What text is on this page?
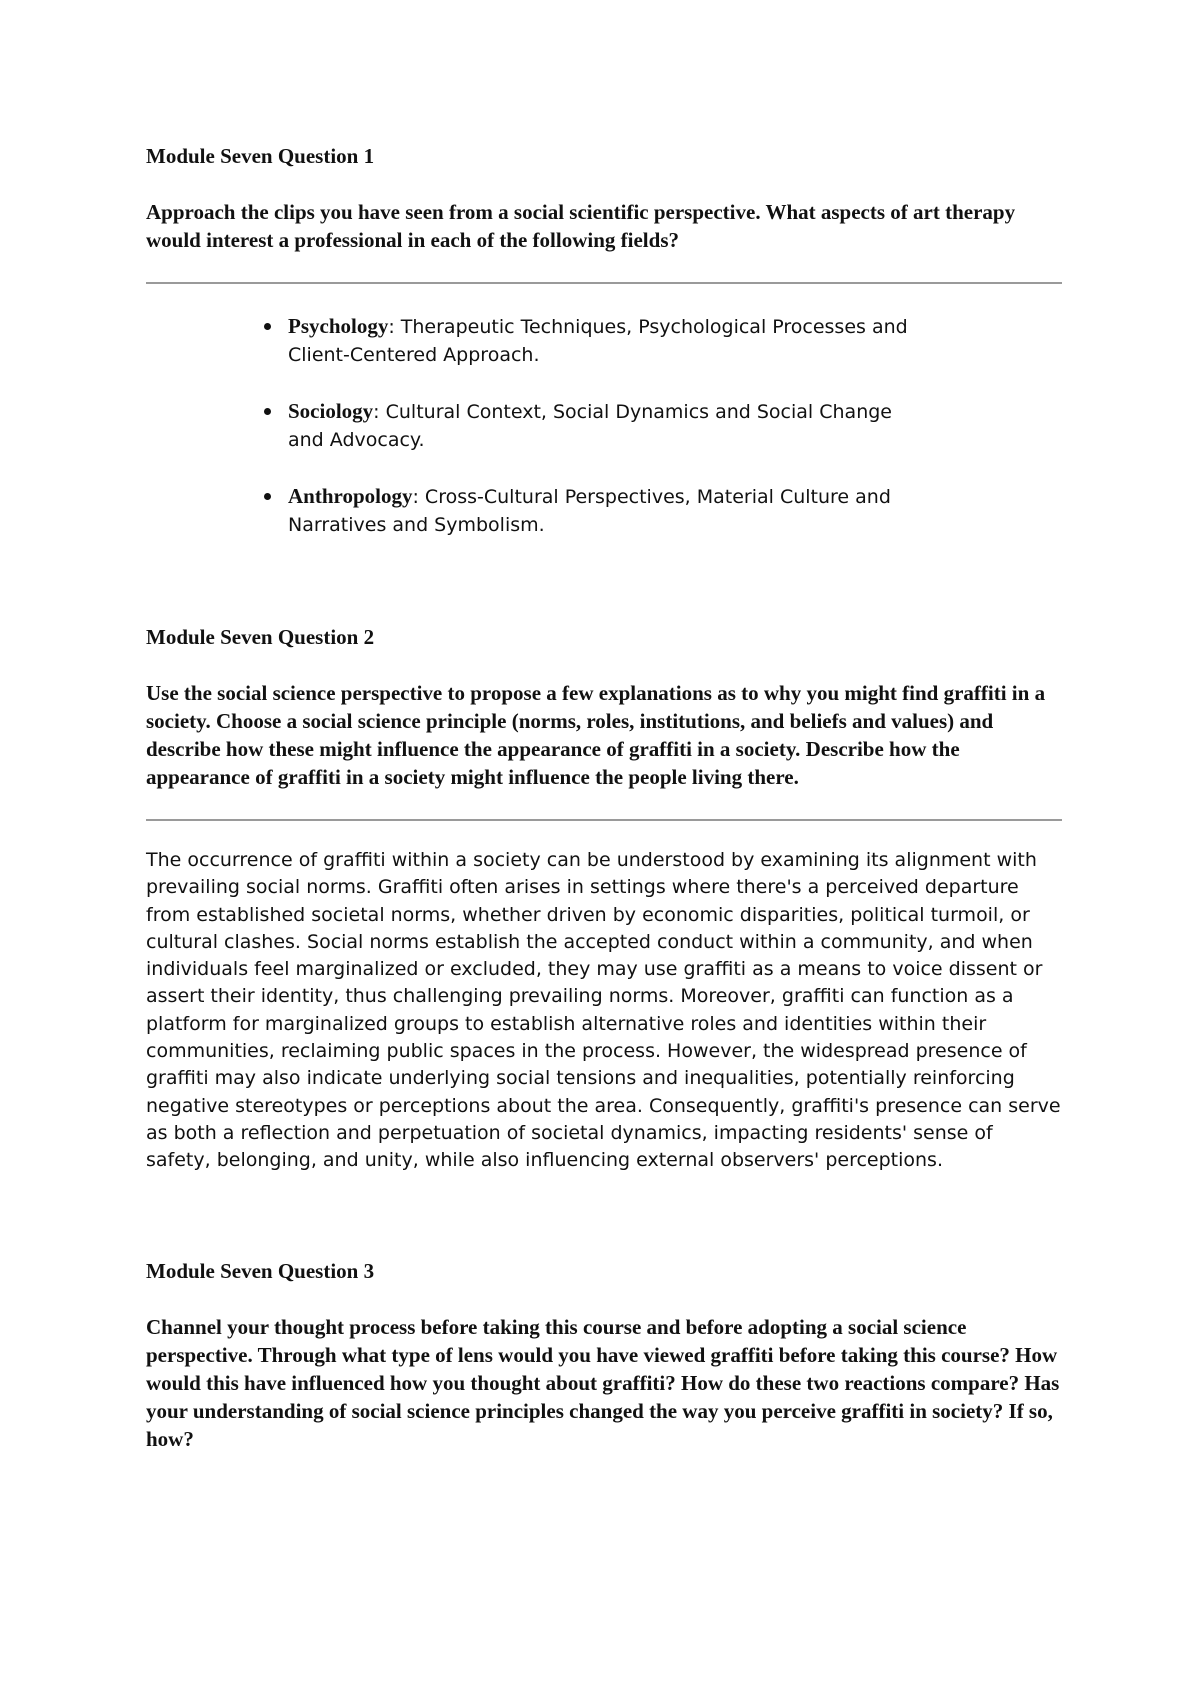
Module Seven Question 1

Approach the clips you have seen from a social scientific perspective. What aspects of art therapy would interest a professional in each of the following fields?

Psychology: Therapeutic Techniques, Psychological Processes and Client-Centered Approach.
Sociology: Cultural Context, Social Dynamics and Social Change and Advocacy.
Anthropology: Cross-Cultural Perspectives, Material Culture and Narratives and Symbolism.

Module Seven Question 2

Use the social science perspective to propose a few explanations as to why you might find graffiti in a society. Choose a social science principle (norms, roles, institutions, and beliefs and values) and describe how these might influence the appearance of graffiti in a society. Describe how the appearance of graffiti in a society might influence the people living there.

The occurrence of graffiti within a society can be understood by examining its alignment with prevailing social norms. Graffiti often arises in settings where there's a perceived departure from established societal norms, whether driven by economic disparities, political turmoil, or cultural clashes. Social norms establish the accepted conduct within a community, and when individuals feel marginalized or excluded, they may use graffiti as a means to voice dissent or assert their identity, thus challenging prevailing norms. Moreover, graffiti can function as a platform for marginalized groups to establish alternative roles and identities within their communities, reclaiming public spaces in the process. However, the widespread presence of graffiti may also indicate underlying social tensions and inequalities, potentially reinforcing negative stereotypes or perceptions about the area. Consequently, graffiti's presence can serve as both a reflection and perpetuation of societal dynamics, impacting residents' sense of safety, belonging, and unity, while also influencing external observers' perceptions.

Module Seven Question 3

Channel your thought process before taking this course and before adopting a social science perspective. Through what type of lens would you have viewed graffiti before taking this course? How would this have influenced how you thought about graffiti? How do these two reactions compare? Has your understanding of social science principles changed the way you perceive graffiti in society? If so, how?
